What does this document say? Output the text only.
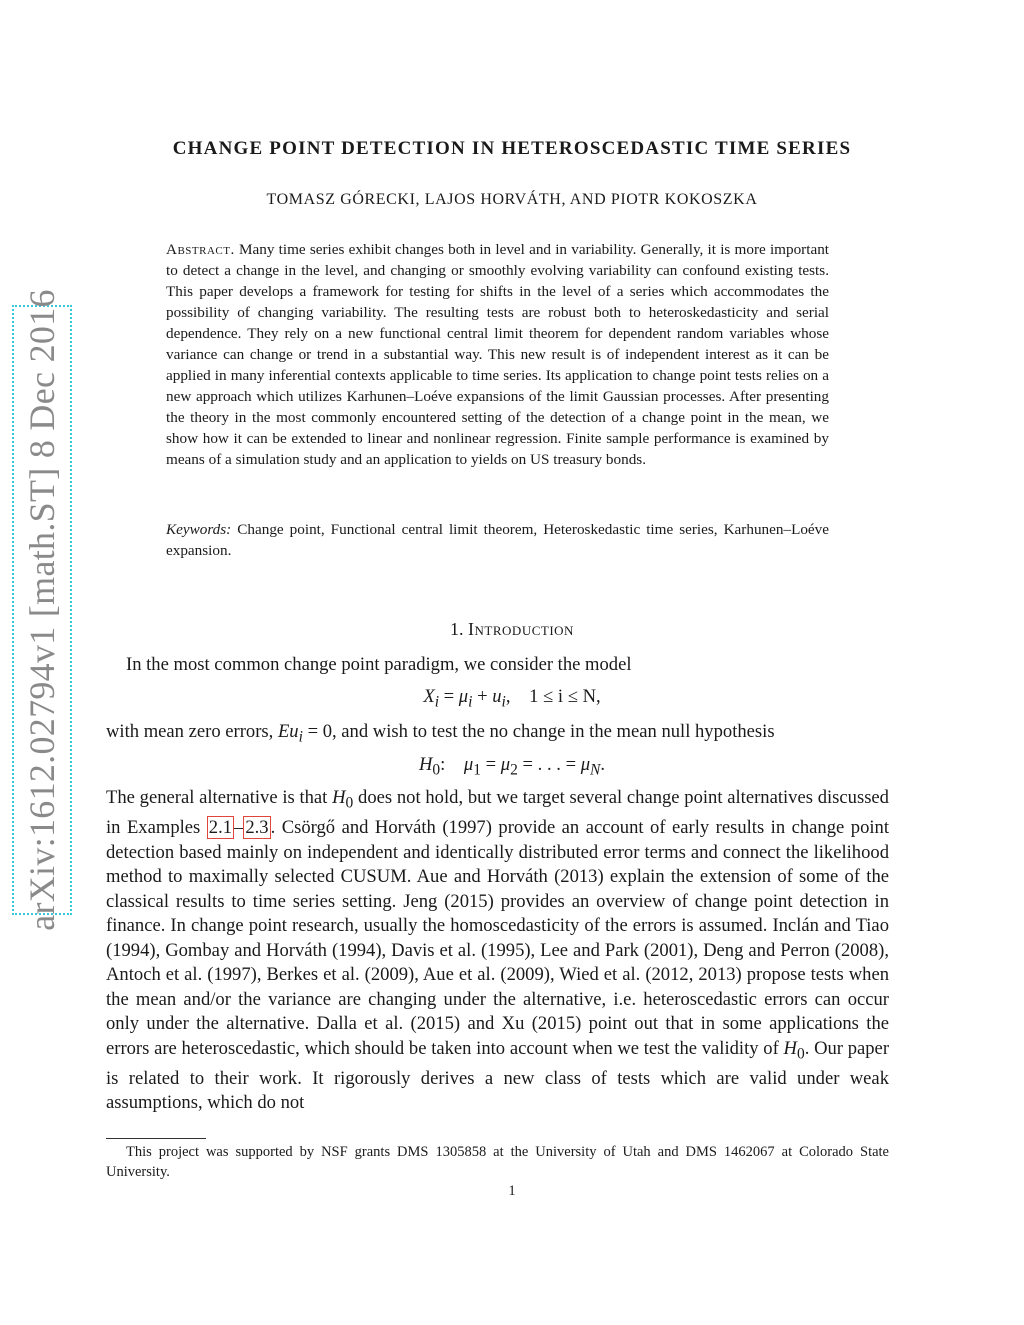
arXiv:1612.02794v1 [math.ST] 8 Dec 2016
CHANGE POINT DETECTION IN HETEROSCEDASTIC TIME SERIES
TOMASZ GÓRECKI, LAJOS HORVÁTH, AND PIOTR KOKOSZKA
Abstract. Many time series exhibit changes both in level and in variability. Generally, it is more important to detect a change in the level, and changing or smoothly evolving variability can confound existing tests. This paper develops a framework for testing for shifts in the level of a series which accommodates the possibility of changing variability. The resulting tests are robust both to heteroskedasticity and serial dependence. They rely on a new functional central limit theorem for dependent random variables whose variance can change or trend in a substantial way. This new result is of independent interest as it can be applied in many inferential contexts applicable to time series. Its application to change point tests relies on a new approach which utilizes Karhunen–Loéve expansions of the limit Gaussian processes. After presenting the theory in the most commonly encountered setting of the detection of a change point in the mean, we show how it can be extended to linear and nonlinear regression. Finite sample performance is examined by means of a simulation study and an application to yields on US treasury bonds.
Keywords: Change point, Functional central limit theorem, Heteroskedastic time series, Karhunen–Loéve expansion.
1. Introduction
In the most common change point paradigm, we consider the model
$X_i = \mu_i + u_i$,    1 ≤ i ≤ N,
with mean zero errors, $Eu_i = 0$, and wish to test the no change in the mean null hypothesis
$H_0$: $\mu_1 = \mu_2$ = . . . = $\mu_N$.
The general alternative is that $H_0$ does not hold, but we target several change point alternatives discussed in Examples 2.1 – 2.3 . Csörgő and Horváth (1997) provide an account of early results in change point detection based mainly on independent and identically distributed error terms and connect the likelihood method to maximally selected CUSUM. Aue and Horváth (2013) explain the extension of some of the classical results to time series setting. Jeng (2015) provides an overview of change point detection in finance. In change point research, usually the homoscedasticity of the errors is assumed. Inclán and Tiao (1994), Gombay and Horváth (1994), Davis et al. (1995), Lee and Park (2001), Deng and Perron (2008), Antoch et al. (1997), Berkes et al. (2009), Aue et al. (2009), Wied et al. (2012, 2013) propose tests when the mean and/or the variance are changing under the alternative, i.e. heteroscedastic errors can occur only under the alternative. Dalla et al. (2015) and Xu (2015) point out that in some applications the errors are heteroscedastic, which should be taken into account when we test the validity of $H_0$. Our paper is related to their work. It rigorously derives a new class of tests which are valid under weak assumptions, which do not
This project was supported by NSF grants DMS 1305858 at the University of Utah and DMS 1462067 at Colorado State University.
1
